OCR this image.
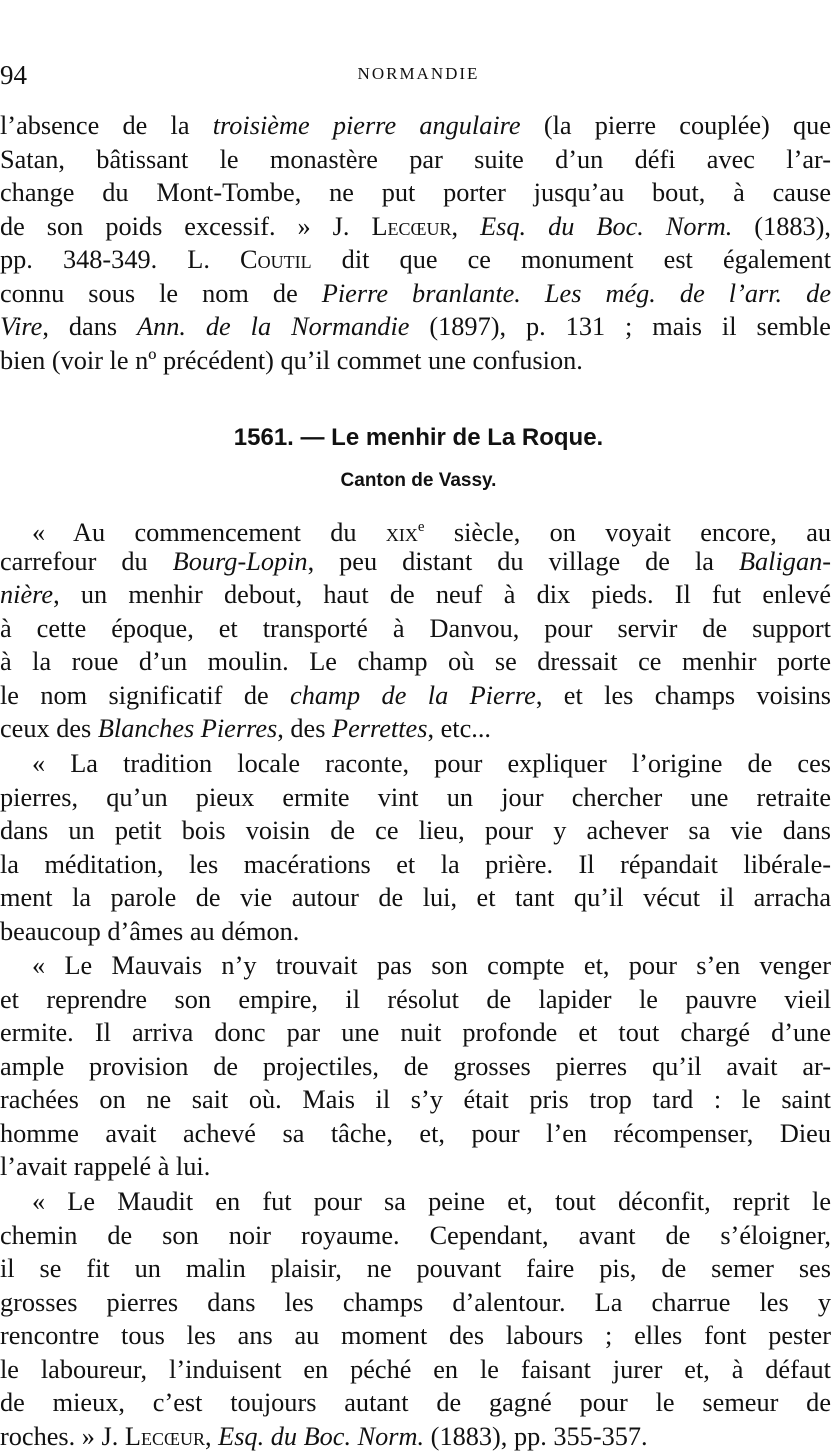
94	NORMANDIE
l’absence de la troisième pierre angulaire (la pierre couplée) que
Satan, bâtissant le monastère par suite d’un défi avec l’ar-
change du Mont-Tombe, ne put porter jusqu’au bout, à cause
de son poids excessif. » J. Lecœur, Esq. du Boc. Norm. (1883),
pp. 348-349. L. Coutil dit que ce monument est également
connu sous le nom de Pierre branlante. Les még. de l’arr. de
Vire, dans Ann. de la Normandie (1897), p. 131 ; mais il semble
bien (voir le nº précédent) qu’il commet une confusion.
1561. — Le menhir de La Roque.
Canton de Vassy.
« Au commencement du xix$^e$ siècle, on voyait encore, au
carrefour du Bourg-Lopin, peu distant du village de la Baligan-
nière, un menhir debout, haut de neuf à dix pieds. Il fut enlevé
à cette époque, et transporté à Danvou, pour servir de support
à la roue d’un moulin. Le champ où se dressait ce menhir porte
le nom significatif de champ de la Pierre, et les champs voisins
ceux des Blanches Pierres, des Perrettes, etc...
« La tradition locale raconte, pour expliquer l’origine de ces
pierres, qu’un pieux ermite vint un jour chercher une retraite
dans un petit bois voisin de ce lieu, pour y achever sa vie dans
la méditation, les macérations et la prière. Il répandait libérale-
ment la parole de vie autour de lui, et tant qu’il vécut il arracha
beaucoup d’âmes au démon.
« Le Mauvais n’y trouvait pas son compte et, pour s’en venger
et reprendre son empire, il résolut de lapider le pauvre vieil
ermite. Il arriva donc par une nuit profonde et tout chargé d’une
ample provision de projectiles, de grosses pierres qu’il avait ar-
rachées on ne sait où. Mais il s’y était pris trop tard : le saint
homme avait achevé sa tâche, et, pour l’en récompenser, Dieu
l’avait rappelé à lui.
« Le Maudit en fut pour sa peine et, tout déconfit, reprit le
chemin de son noir royaume. Cependant, avant de s’éloigner,
il se fit un malin plaisir, ne pouvant faire pis, de semer ses
grosses pierres dans les champs d’alentour. La charrue les y
rencontre tous les ans au moment des labours ; elles font pester
le laboureur, l’induisent en péché en le faisant jurer et, à défaut
de mieux, c’est toujours autant de gagné pour le semeur de
roches. » J. Lecœur, Esq. du Boc. Norm. (1883), pp. 355-357.
